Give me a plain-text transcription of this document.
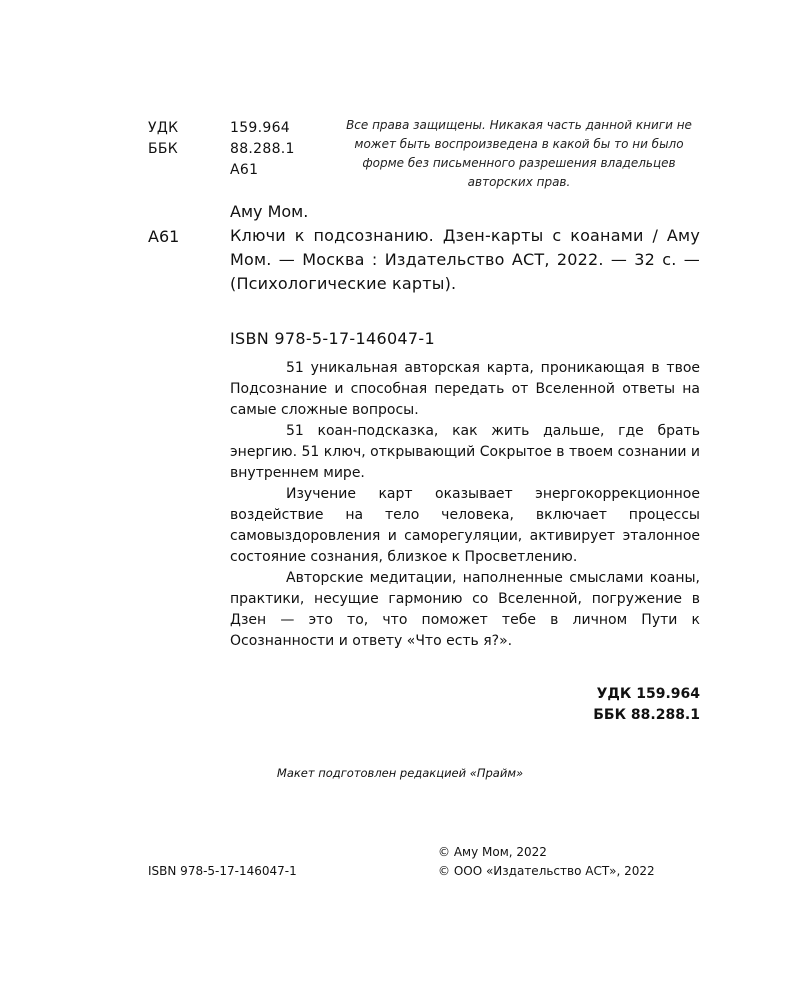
УДК	159.964
ББК	88.288.1
А61
Все права защищены. Никакая часть данной книги не может быть воспроизведена в какой бы то ни было форме без письменного разрешения владельцев авторских прав.
Аму Мом.
А61	Ключи к подсознанию. Дзен-карты с коанами / Аму Мом. — Москва : Издательство АСТ, 2022. — 32 с. — (Психологические карты).
ISBN 978-5-17-146047-1

51 уникальная авторская карта, проникающая в твое Подсознание и способная передать от Вселенной ответы на самые сложные вопросы.

51 коан-подсказка, как жить дальше, где брать энергию. 51 ключ, открывающий Сокрытое в твоем сознании и внутреннем мире.

Изучение карт оказывает энергокоррекционное воздействие на тело человека, включает процессы самовыздоровления и саморегуляции, активирует эталонное состояние сознания, близкое к Просветлению.

Авторские медитации, наполненные смыслами коаны, практики, несущие гармонию со Вселенной, погружение в Дзен — это то, что поможет тебе в личном Пути к Осознанности и ответу «Что есть я?».

УДК 159.964
ББК 88.288.1
Макет подготовлен редакцией «Прайм»
ISBN 978-5-17-146047-1
© Аму Мом, 2022
© ООО «Издательство АСТ», 2022
